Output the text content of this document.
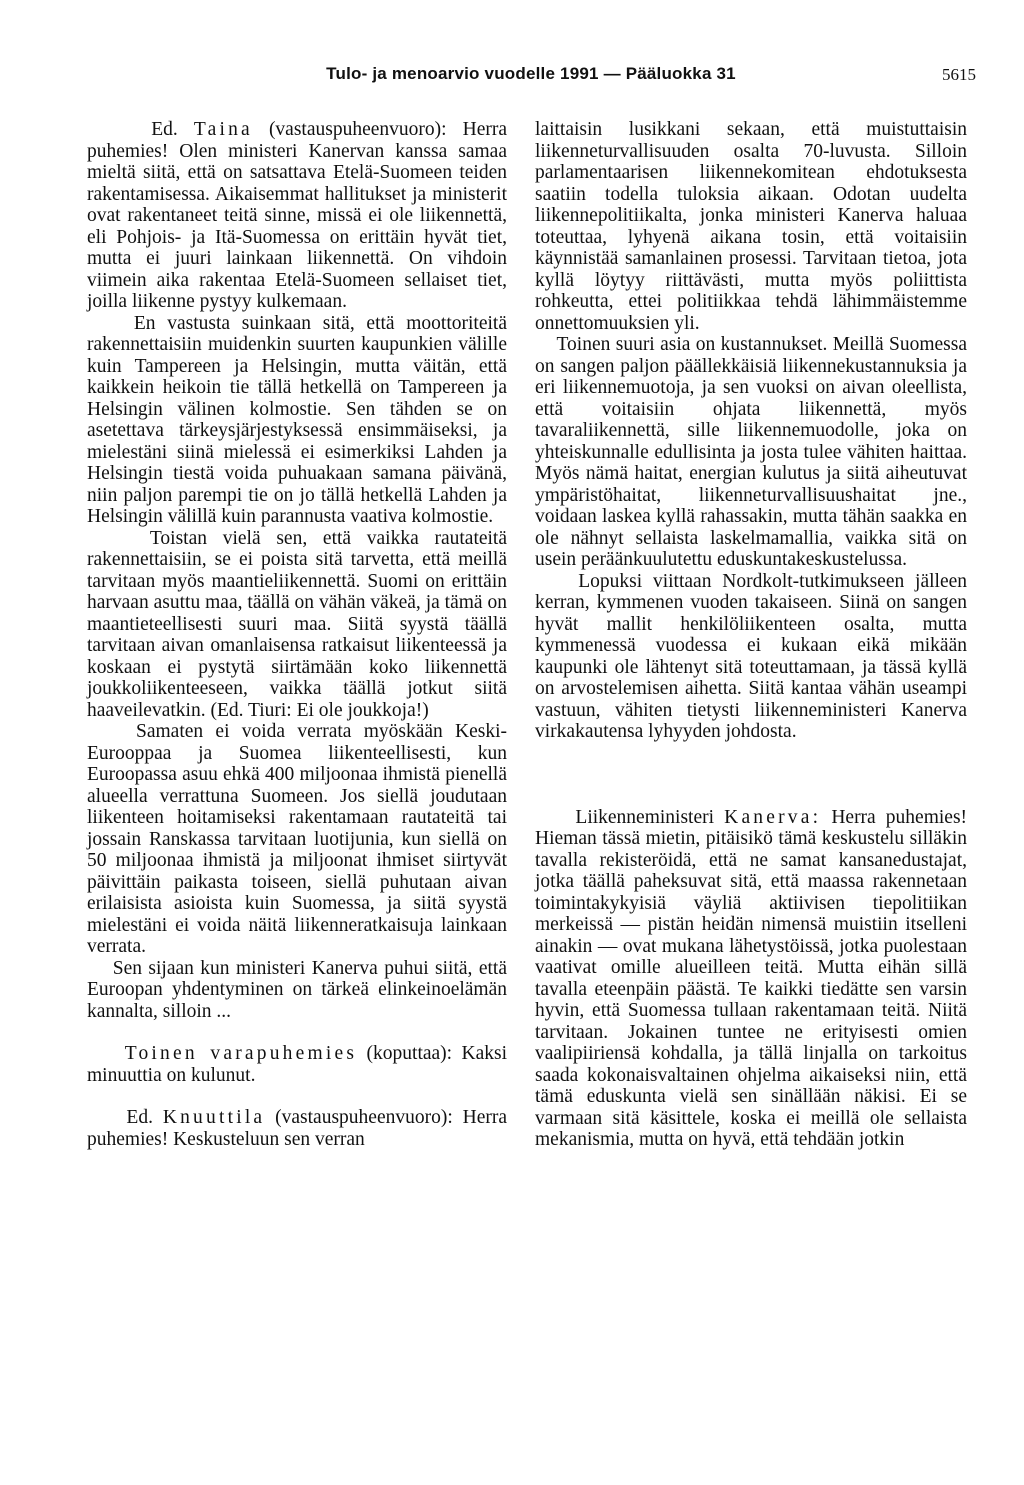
Tulo- ja menoarvio vuodelle 1991 — Pääluokka 31	5615

Ed. Taina (vastauspuheenvuoro): Herra puhemies! Olen ministeri Kanervan kanssa samaa mieltä siitä, että on satsattava Etelä-Suomeen teiden rakentamisessa. Aikaisemmat hallitukset ja ministerit ovat rakentaneet teitä sinne, missä ei ole liikennettä, eli Pohjois- ja Itä-Suomessa on erittäin hyvät tiet, mutta ei juuri lainkaan liikennettä. On vihdoin viimein aika rakentaa Etelä-Suomeen sellaiset tiet, joilla liikenne pystyy kulkemaan.

En vastusta suinkaan sitä, että moottoriteitä rakennettaisiin muidenkin suurten kaupunkien välille kuin Tampereen ja Helsingin, mutta väitän, että kaikkein heikoin tie tällä hetkellä on Tampereen ja Helsingin välinen kolmostie. Sen tähden se on asetettava tärkeysjärjestyksessä ensimmäiseksi, ja mielestäni siinä mielessä ei esimerkiksi Lahden ja Helsingin tiestä voida puhuakaan samana päivänä, niin paljon parempi tie on jo tällä hetkellä Lahden ja Helsingin välillä kuin parannusta vaativa kolmostie.

Toistan vielä sen, että vaikka rautateitä rakennettaisiin, se ei poista sitä tarvetta, että meillä tarvitaan myös maantieliikennettä. Suomi on erittäin harvaan asuttu maa, täällä on vähän väkeä, ja tämä on maantieteellisesti suuri maa. Siitä syystä täällä tarvitaan aivan omanlaisensa ratkaisut liikenteessä ja koskaan ei pystytä siirtämään koko liikennettä joukkoliikenteeseen, vaikka täällä jotkut siitä haaveilevatkin. (Ed. Tiuri: Ei ole joukkoja!)

Samaten ei voida verrata myöskään Keski-Eurooppaa ja Suomea liikenteellisesti, kun Euroopassa asuu ehkä 400 miljoonaa ihmistä pienellä alueella verrattuna Suomeen. Jos siellä joudutaan liikenteen hoitamiseksi rakentamaan rautateitä tai jossain Ranskassa tarvitaan luotijunia, kun siellä on 50 miljoonaa ihmistä ja miljoonat ihmiset siirtyvät päivittäin paikasta toiseen, siellä puhutaan aivan erilaisista asioista kuin Suomessa, ja siitä syystä mielestäni ei voida näitä liikenneratkaisuja lainkaan verrata.

Sen sijaan kun ministeri Kanerva puhui siitä, että Euroopan yhdentyminen on tärkeä elinkeinoelämän kannalta, silloin ...

Toinen varapuhemies (koputtaa): Kaksi minuuttia on kulunut.

Ed. Knuuttila (vastauspuheenvuoro): Herra puhemies! Keskusteluun sen verran

laittaisin lusikkani sekaan, että muistuttaisin liikenneturvallisuuden osalta 70-luvusta. Silloin parlamentaarisen liikennekomitean ehdotuksesta saatiin todella tuloksia aikaan. Odotan uudelta liikennepolitiikalta, jonka ministeri Kanerva haluaa toteuttaa, lyhyenä aikana tosin, että voitaisiin käynnistää samanlainen prosessi. Tarvitaan tietoa, jota kyllä löytyy riittävästi, mutta myös poliittista rohkeutta, ettei politiikkaa tehdä lähimmäistemme onnettomuuksien yli.

Toinen suuri asia on kustannukset. Meillä Suomessa on sangen paljon päällekkäisiä liikennekustannuksia ja eri liikennemuotoja, ja sen vuoksi on aivan oleellista, että voitaisiin ohjata liikennettä, myös tavaraliikennettä, sille liikennemuodolle, joka on yhteiskunnalle edullisinta ja josta tulee vähiten haittaa. Myös nämä haitat, energian kulutus ja siitä aiheutuvat ympäristöhaitat, liikenneturvallisuushaitat jne., voidaan laskea kyllä rahassakin, mutta tähän saakka en ole nähnyt sellaista laskelmamallia, vaikka sitä on usein peräänkuulutettu eduskuntakeskustelussa.

Lopuksi viittaan Nordkolt-tutkimukseen jälleen kerran, kymmenen vuoden takaiseen. Siinä on sangen hyvät mallit henkilöliikenteen osalta, mutta kymmenessä vuodessa ei kukaan eikä mikään kaupunki ole lähtenyt sitä toteuttamaan, ja tässä kyllä on arvostelemisen aihetta. Siitä kantaa vähän useampi vastuun, vähiten tietysti liikenneministeri Kanerva virkakautensa lyhyyden johdosta.

Liikenneministeri Kanerva: Herra puhemies! Hieman tässä mietin, pitäisikö tämä keskustelu silläkin tavalla rekisteröidä, että ne samat kansanedustajat, jotka täällä paheksuvat sitä, että maassa rakennetaan toimintakykyisiä väyliä aktiivisen tiepolitiikan merkeissä — pistän heidän nimensä muistiin itselleni ainakin — ovat mukana lähetystöissä, jotka puolestaan vaativat omille alueilleen teitä. Mutta eihän sillä tavalla eteenpäin päästä. Te kaikki tiedätte sen varsin hyvin, että Suomessa tullaan rakentamaan teitä. Niitä tarvitaan. Jokainen tuntee ne erityisesti omien vaalipiiriensä kohdalla, ja tällä linjalla on tarkoitus saada kokonaisvaltainen ohjelma aikaiseksi niin, että tämä eduskunta vielä sen sinällään näkisi. Ei se varmaan sitä käsittele, koska ei meillä ole sellaista mekanismia, mutta on hyvä, että tehdään jotkin
